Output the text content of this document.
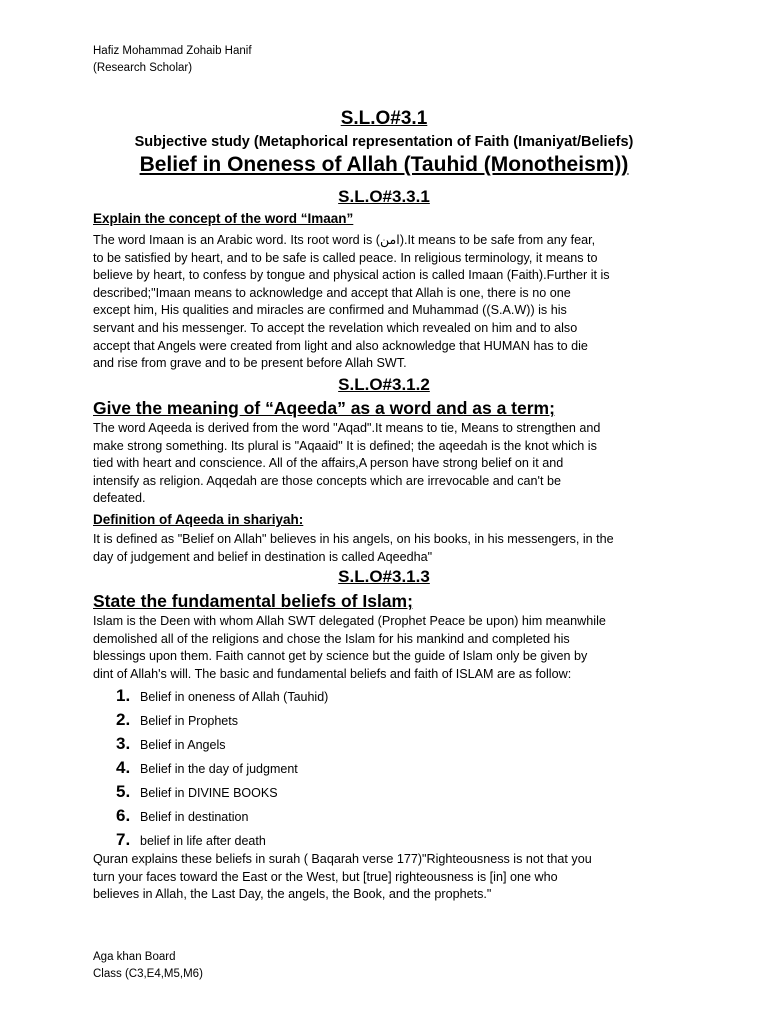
Hafiz Mohammad Zohaib Hanif
(Research Scholar)
S.L.O#3.1
Subjective study (Metaphorical representation of Faith (Imaniyat/Beliefs)
Belief in Oneness of Allah (Tauhid (Monotheism))
S.L.O#3.3.1
Explain the concept of the word “Imaan”

The word Imaan is an Arabic word. Its root word is (امن).It means to be safe from any fear,

to be satisfied by heart, and to be safe is called peace. In religious terminology, it means to

believe by heart, to confess by tongue and physical action is called Imaan (Faith).Further it is

described;"Imaan means to acknowledge and accept that Allah is one, there is no one

except him, His qualities and miracles are confirmed and Muhammad ((S.A.W)) is his

servant and his messenger. To accept the revelation which revealed on him and to also

accept that Angels were created from light and also acknowledge that HUMAN has to die

and rise from grave and to be present before Allah SWT.

S.L.O#3.1.2
Give the meaning of “Aqeeda” as a word and as a term;

The word Aqeeda is derived from the word "Aqad".It means to tie, Means to strengthen and

make strong something. Its plural is "Aqaaid" It is defined; the aqeedah is the knot which is

tied with heart and conscience. All of the affairs,A person have strong belief on it and

intensify as religion. Aqqedah are those concepts which are irrevocable and can't be

defeated.

Definition of Aqeeda in shariyah:

It is defined as "Belief on Allah" believes in his angels, on his books, in his messengers, in the

day of judgement and belief in destination is called Aqeedha"

S.L.O#3.1.3
State the fundamental beliefs of Islam;

Islam is the Deen with whom Allah SWT delegated (Prophet Peace be upon) him meanwhile

demolished all of the religions and chose the Islam for his mankind and completed his

blessings upon them. Faith cannot get by science but the guide of Islam only be given by

dint of Allah's will. The basic and fundamental beliefs and faith of ISLAM are as follow:

1. Belief in oneness of Allah (Tauhid)
2. Belief in Prophets
3. Belief in Angels
4. Belief in the day of judgment
5. Belief in DIVINE BOOKS
6. Belief in destination
7. belief in life after death

Quran explains these beliefs in surah ( Baqarah verse 177)"Righteousness is not that you

turn your faces toward the East or the West, but [true] righteousness is [in] one who

believes in Allah, the Last Day, the angels, the Book, and the prophets."

Aga khan Board
Class (C3,E4,M5,M6)
